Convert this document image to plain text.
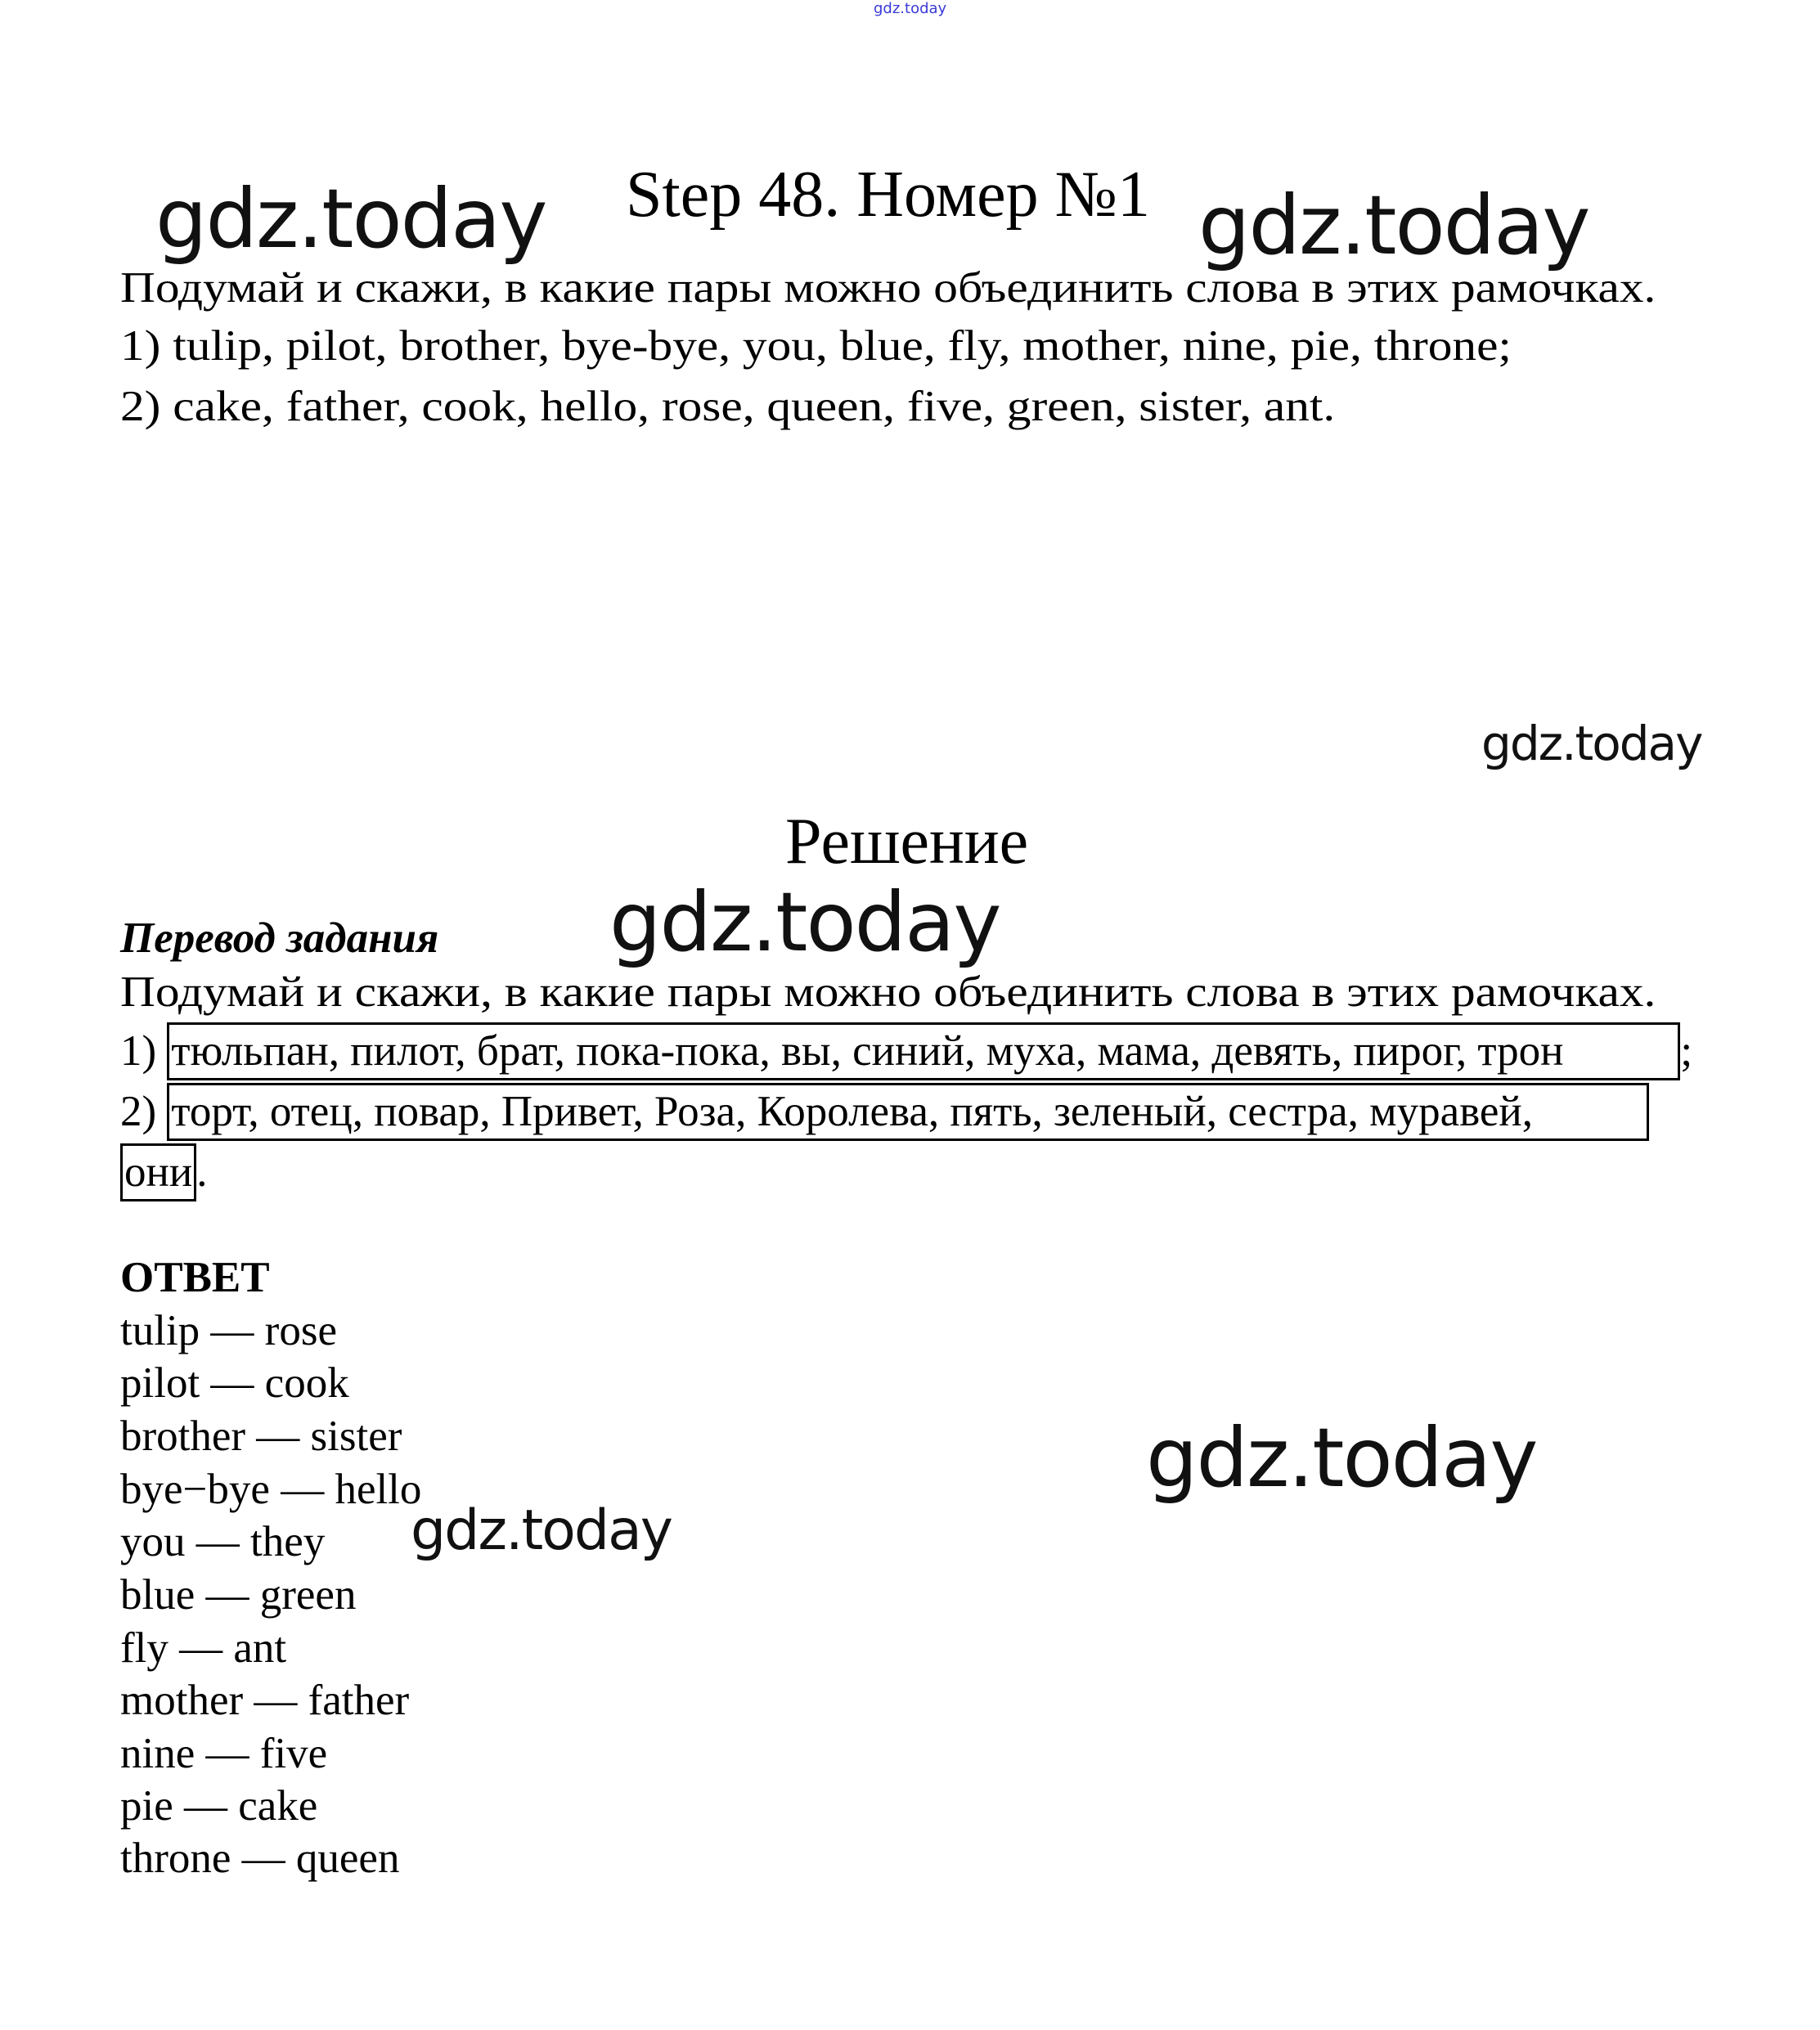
gdz.today
Step 48. Номер №1
gdz.today	gdz.today
Подумай и скажи, в какие пары можно объединить слова в этих рамочках.
1) tulip, pilot, brother, bye-bye, you, blue, fly, mother, nine, pie, throne;
2) cake, father, cook, hello, rose, queen, five, green, sister, ant.
gdz.today
Решение
gdz.today
Перевод задания
Подумай и скажи, в какие пары можно объединить слова в этих рамочках.
1) тюльпан, пилот, брат, пока-пока, вы, синий, муха, мама, девять, пирог, трон	;
2) торт, отец, повар, Привет, Роза, Королева, пять, зеленый, сестра, муравей,
они.
ОТВЕТ
tulip — rose
pilot — cook
brother — sister
bye−bye — hello
you — they
blue — green
fly — ant
mother — father
nine — five
pie — cake
throne — queen
gdz.today
gdz.today
